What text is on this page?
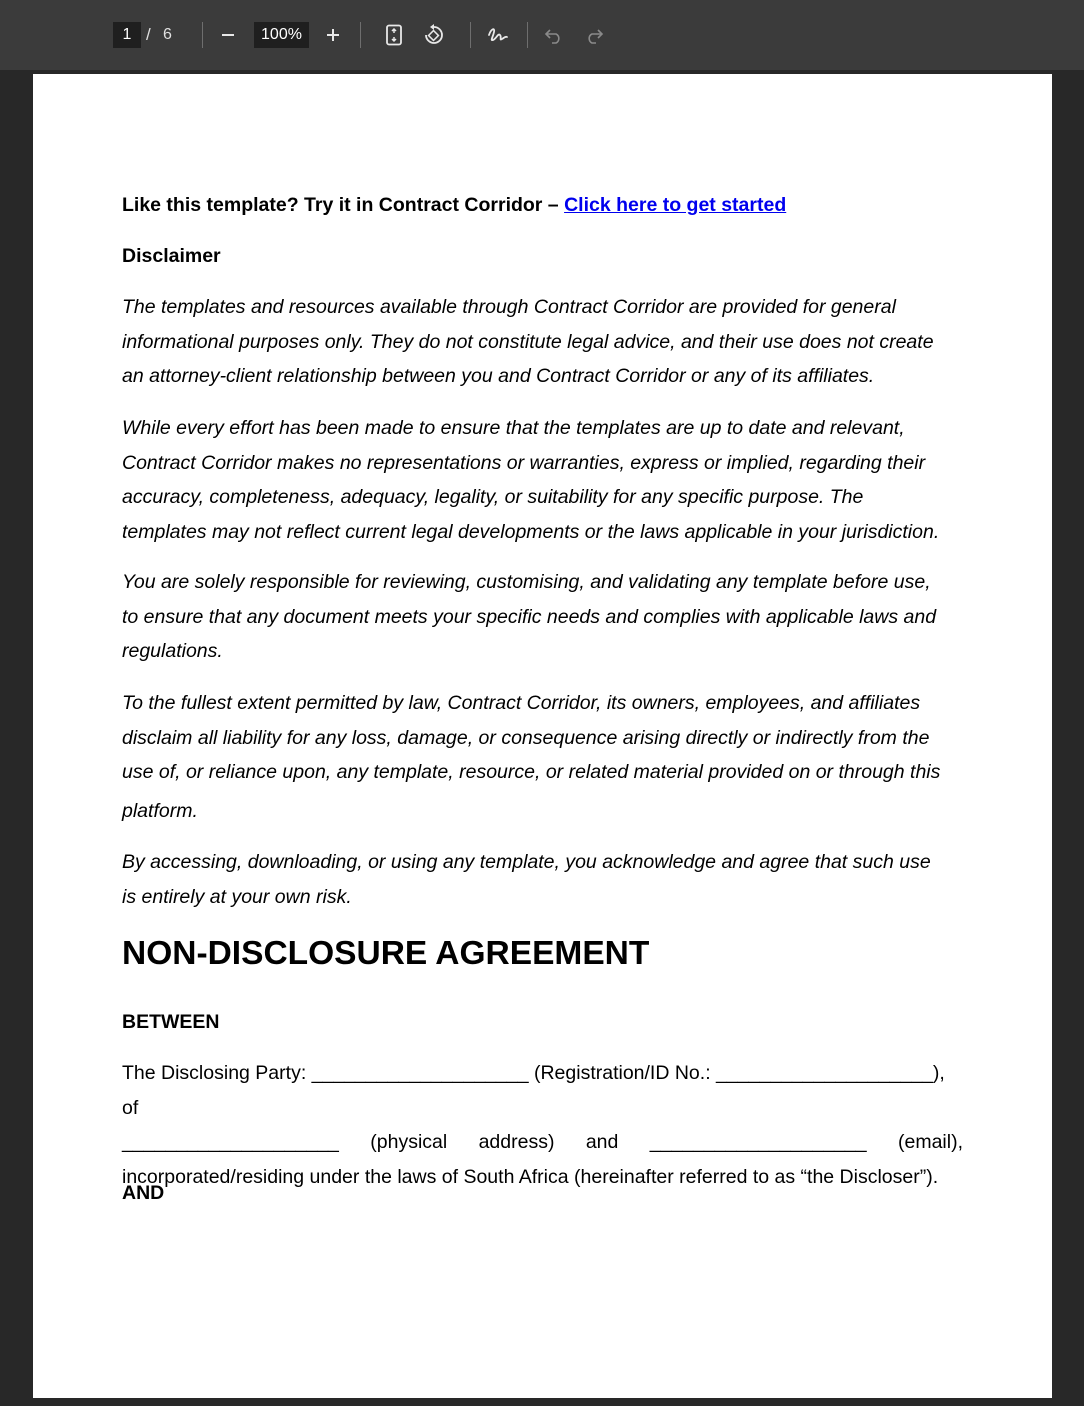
1 / 6	100%
Like this template? Try it in Contract Corridor – Click here to get started
Disclaimer
The templates and resources available through Contract Corridor are provided for general
informational purposes only. They do not constitute legal advice, and their use does not create
an attorney-client relationship between you and Contract Corridor or any of its affiliates.
While every effort has been made to ensure that the templates are up to date and relevant,
Contract Corridor makes no representations or warranties, express or implied, regarding their
accuracy, completeness, adequacy, legality, or suitability for any specific purpose. The
templates may not reflect current legal developments or the laws applicable in your jurisdiction.
You are solely responsible for reviewing, customising, and validating any template before use,
to ensure that any document meets your specific needs and complies with applicable laws and
regulations.
To the fullest extent permitted by law, Contract Corridor, its owners, employees, and affiliates
disclaim all liability for any loss, damage, or consequence arising directly or indirectly from the
use of, or reliance upon, any template, resource, or related material provided on or through this
platform.
By accessing, downloading, or using any template, you acknowledge and agree that such use
is entirely at your own risk.
NON-DISCLOSURE AGREEMENT
BETWEEN
The Disclosing Party: ____________________ (Registration/ID No.: ____________________), of
____________________ (physical address) and ____________________ (email),
incorporated/residing under the laws of South Africa (hereinafter referred to as “the Discloser”).
AND
